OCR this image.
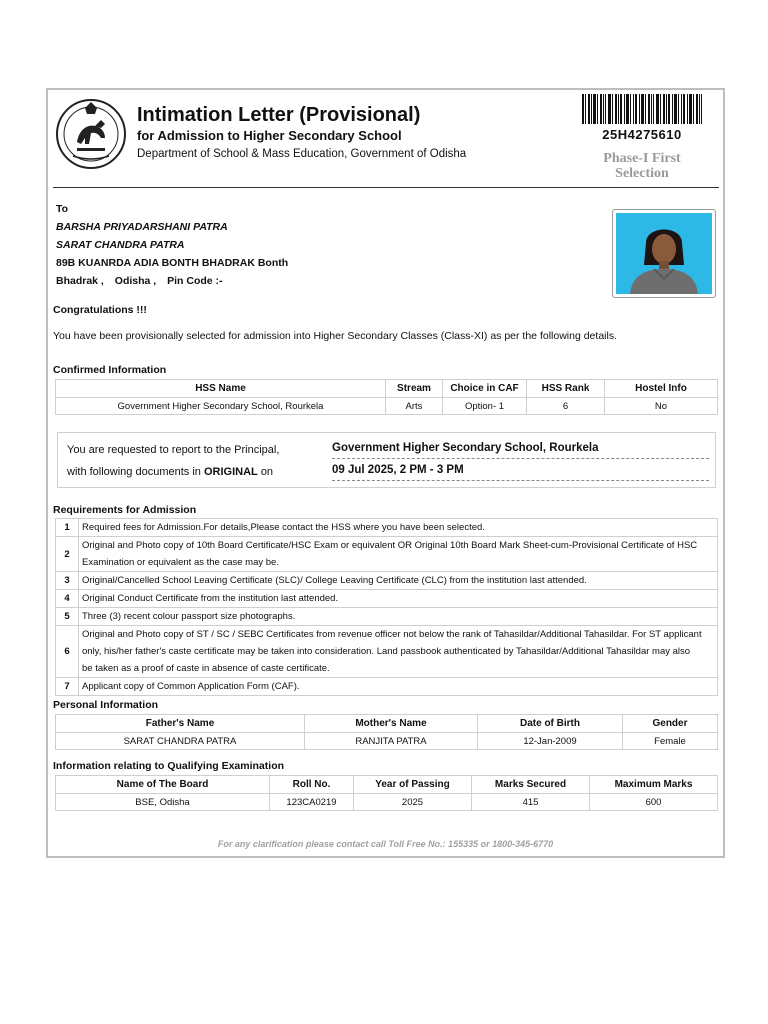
Intimation Letter (Provisional)
for Admission to Higher Secondary School
Department of School & Mass Education, Government of Odisha
25H4275610
Phase-I First Selection
To
BARSHA PRIYADARSHANI PATRA
SARAT CHANDRA PATRA
89B KUANRDA ADIA BONTH BHADRAK Bonth
Bhadrak , Odisha , Pin Code :-
Congratulations !!!
You have been provisionally selected for admission into Higher Secondary Classes (Class-XI) as per the following details.
Confirmed Information
HSS Name	Stream	Choice in CAF	HSS Rank	Hostel Info
Government Higher Secondary School, Rourkela	Arts	Option- 1	6	No
You are requested to report to the Principal,
with following documents in ORIGINAL on
Government Higher Secondary School, Rourkela
09 Jul 2025, 2 PM - 3 PM
Requirements for Admission
1	Required fees for Admission.For details,Please contact the HSS where you have been selected.

2	Original and Photo copy of 10th Board Certificate/HSC Exam or equivalent OR Original 10th Board Mark Sheet-cum-Provisional Certificate of HSC
Examination or equivalent as the case may be.

3	Original/Cancelled School Leaving Certificate (SLC)/ College Leaving Certificate (CLC) from the institution last attended.

4	Original Conduct Certificate from the institution last attended.

5	Three (3) recent colour passport size photographs.

6	Original and Photo copy of ST / SC / SEBC Certificates from revenue officer not below the rank of Tahasildar/Additional Tahasildar. For ST applicant
only, his/her father's caste certificate may be taken into consideration. Land passbook authenticated by Tahasildar/Additional Tahasildar may also
be taken as a proof of caste in absence of caste certificate.

7	Applicant copy of Common Application Form (CAF).
Personal Information
Father's Name	Mother's Name	Date of Birth	Gender
SARAT CHANDRA PATRA	RANJITA PATRA	12-Jan-2009	Female
Information relating to Qualifying Examination
Name of The Board	Roll No.	Year of Passing	Marks Secured	Maximum Marks
BSE, Odisha	123CA0219	2025	415	600
For any clarification please contact call Toll Free No.: 155335 or 1800-345-6770
